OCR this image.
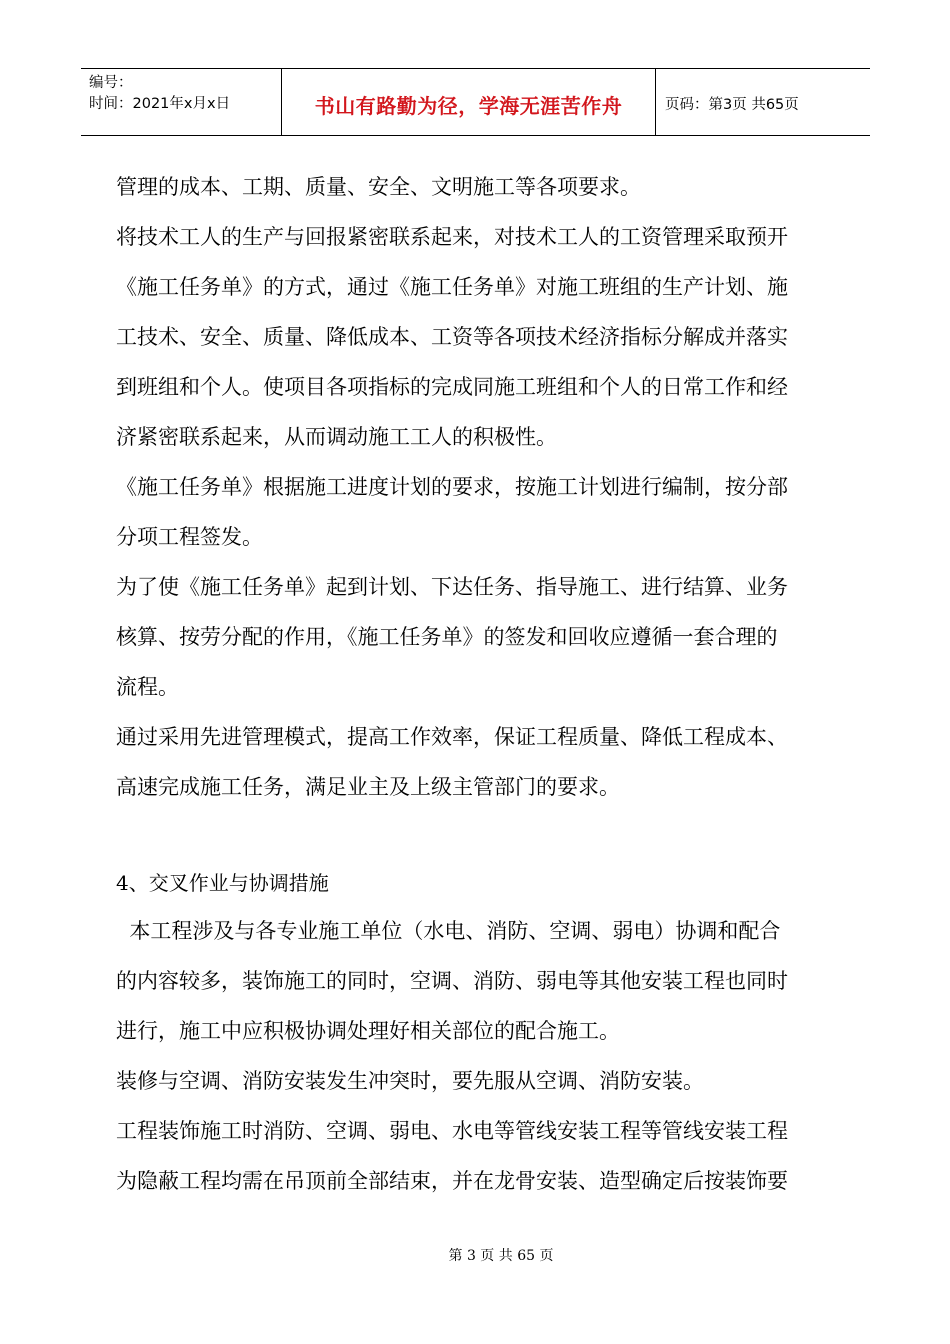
编号：
时间：2021年x月x日	书山有路勤为径，学海无涯苦作舟	页码：第3页 共65页
管理的成本、工期、质量、安全、文明施工等各项要求。
将技术工人的生产与回报紧密联系起来，对技术工人的工资管理采取预开
《施工任务单》的方式，通过《施工任务单》对施工班组的生产计划、施
工技术、安全、质量、降低成本、工资等各项技术经济指标分解成并落实
到班组和个人。使项目各项指标的完成同施工班组和个人的日常工作和经
济紧密联系起来，从而调动施工工人的积极性。
《施工任务单》根据施工进度计划的要求，按施工计划进行编制，按分部
分项工程签发。
为了使《施工任务单》起到计划、下达任务、指导施工、进行结算、业务
核算、按劳分配的作用，《施工任务单》的签发和回收应遵循一套合理的
流程。
通过采用先进管理模式，提高工作效率，保证工程质量、降低工程成本、
高速完成施工任务，满足业主及上级主管部门的要求。
4、交叉作业与协调措施
本工程涉及与各专业施工单位（水电、消防、空调、弱电）协调和配合
的内容较多，装饰施工的同时，空调、消防、弱电等其他安装工程也同时
进行，施工中应积极协调处理好相关部位的配合施工。
装修与空调、消防安装发生冲突时，要先服从空调、消防安装。
工程装饰施工时消防、空调、弱电、水电等管线安装工程等管线安装工程
为隐蔽工程均需在吊顶前全部结束，并在龙骨安装、造型确定后按装饰要
第 3 页 共 65 页
